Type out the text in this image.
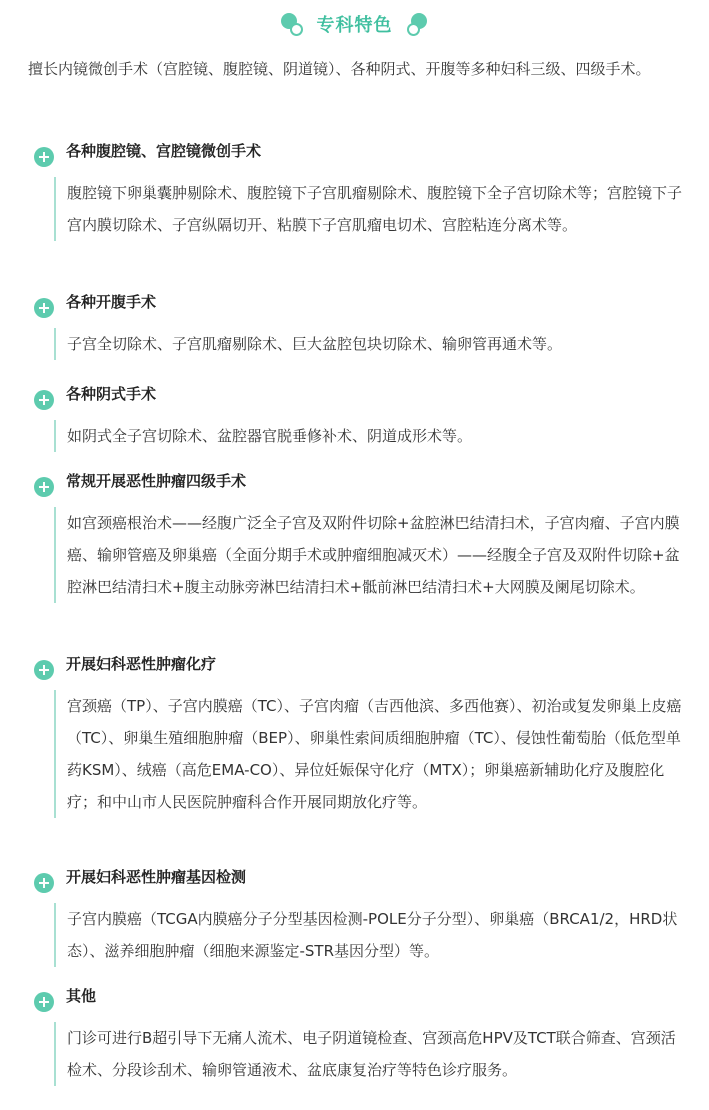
专科特色
擅长内镜微创手术（宫腔镜、腹腔镜、阴道镜）、各种阴式、开腹等多种妇科三级、四级手术。
各种腹腔镜、宫腔镜微创手术

腹腔镜下卵巢囊肿剔除术、腹腔镜下子宫肌瘤剔除术、腹腔镜下全子宫切除术等；宫腔镜下子宫内膜切除术、子宫纵隔切开、粘膜下子宫肌瘤电切术、宫腔粘连分离术等。

各种开腹手术

子宫全切除术、子宫肌瘤剔除术、巨大盆腔包块切除术、输卵管再通术等。

各种阴式手术

如阴式全子宫切除术、盆腔器官脱垂修补术、阴道成形术等。

常规开展恶性肿瘤四级手术

如宫颈癌根治术——经腹广泛全子宫及双附件切除+盆腔淋巴结清扫术，子宫肉瘤、子宫内膜癌、输卵管癌及卵巢癌（全面分期手术或肿瘤细胞减灭术）——经腹全子宫及双附件切除+盆腔淋巴结清扫术+腹主动脉旁淋巴结清扫术+骶前淋巴结清扫术+大网膜及阑尾切除术。

开展妇科恶性肿瘤化疗

宫颈癌（TP）、子宫内膜癌（TC）、子宫肉瘤（吉西他滨、多西他赛）、初治或复发卵巢上皮癌（TC）、卵巢生殖细胞肿瘤（BEP）、卵巢性索间质细胞肿瘤（TC）、侵蚀性葡萄胎（低危型单药KSM）、绒癌（高危EMA-CO）、异位妊娠保守化疗（MTX）；卵巢癌新辅助化疗及腹腔化疗；和中山市人民医院肿瘤科合作开展同期放化疗等。

开展妇科恶性肿瘤基因检测

子宫内膜癌（TCGA内膜癌分子分型基因检测-POLE分子分型）、卵巢癌（BRCA1/2，HRD状态）、滋养细胞肿瘤（细胞来源鉴定-STR基因分型）等。

其他

门诊可进行B超引导下无痛人流术、电子阴道镜检查、宫颈高危HPV及TCT联合筛查、宫颈活检术、分段诊刮术、输卵管通液术、盆底康复治疗等特色诊疗服务。
